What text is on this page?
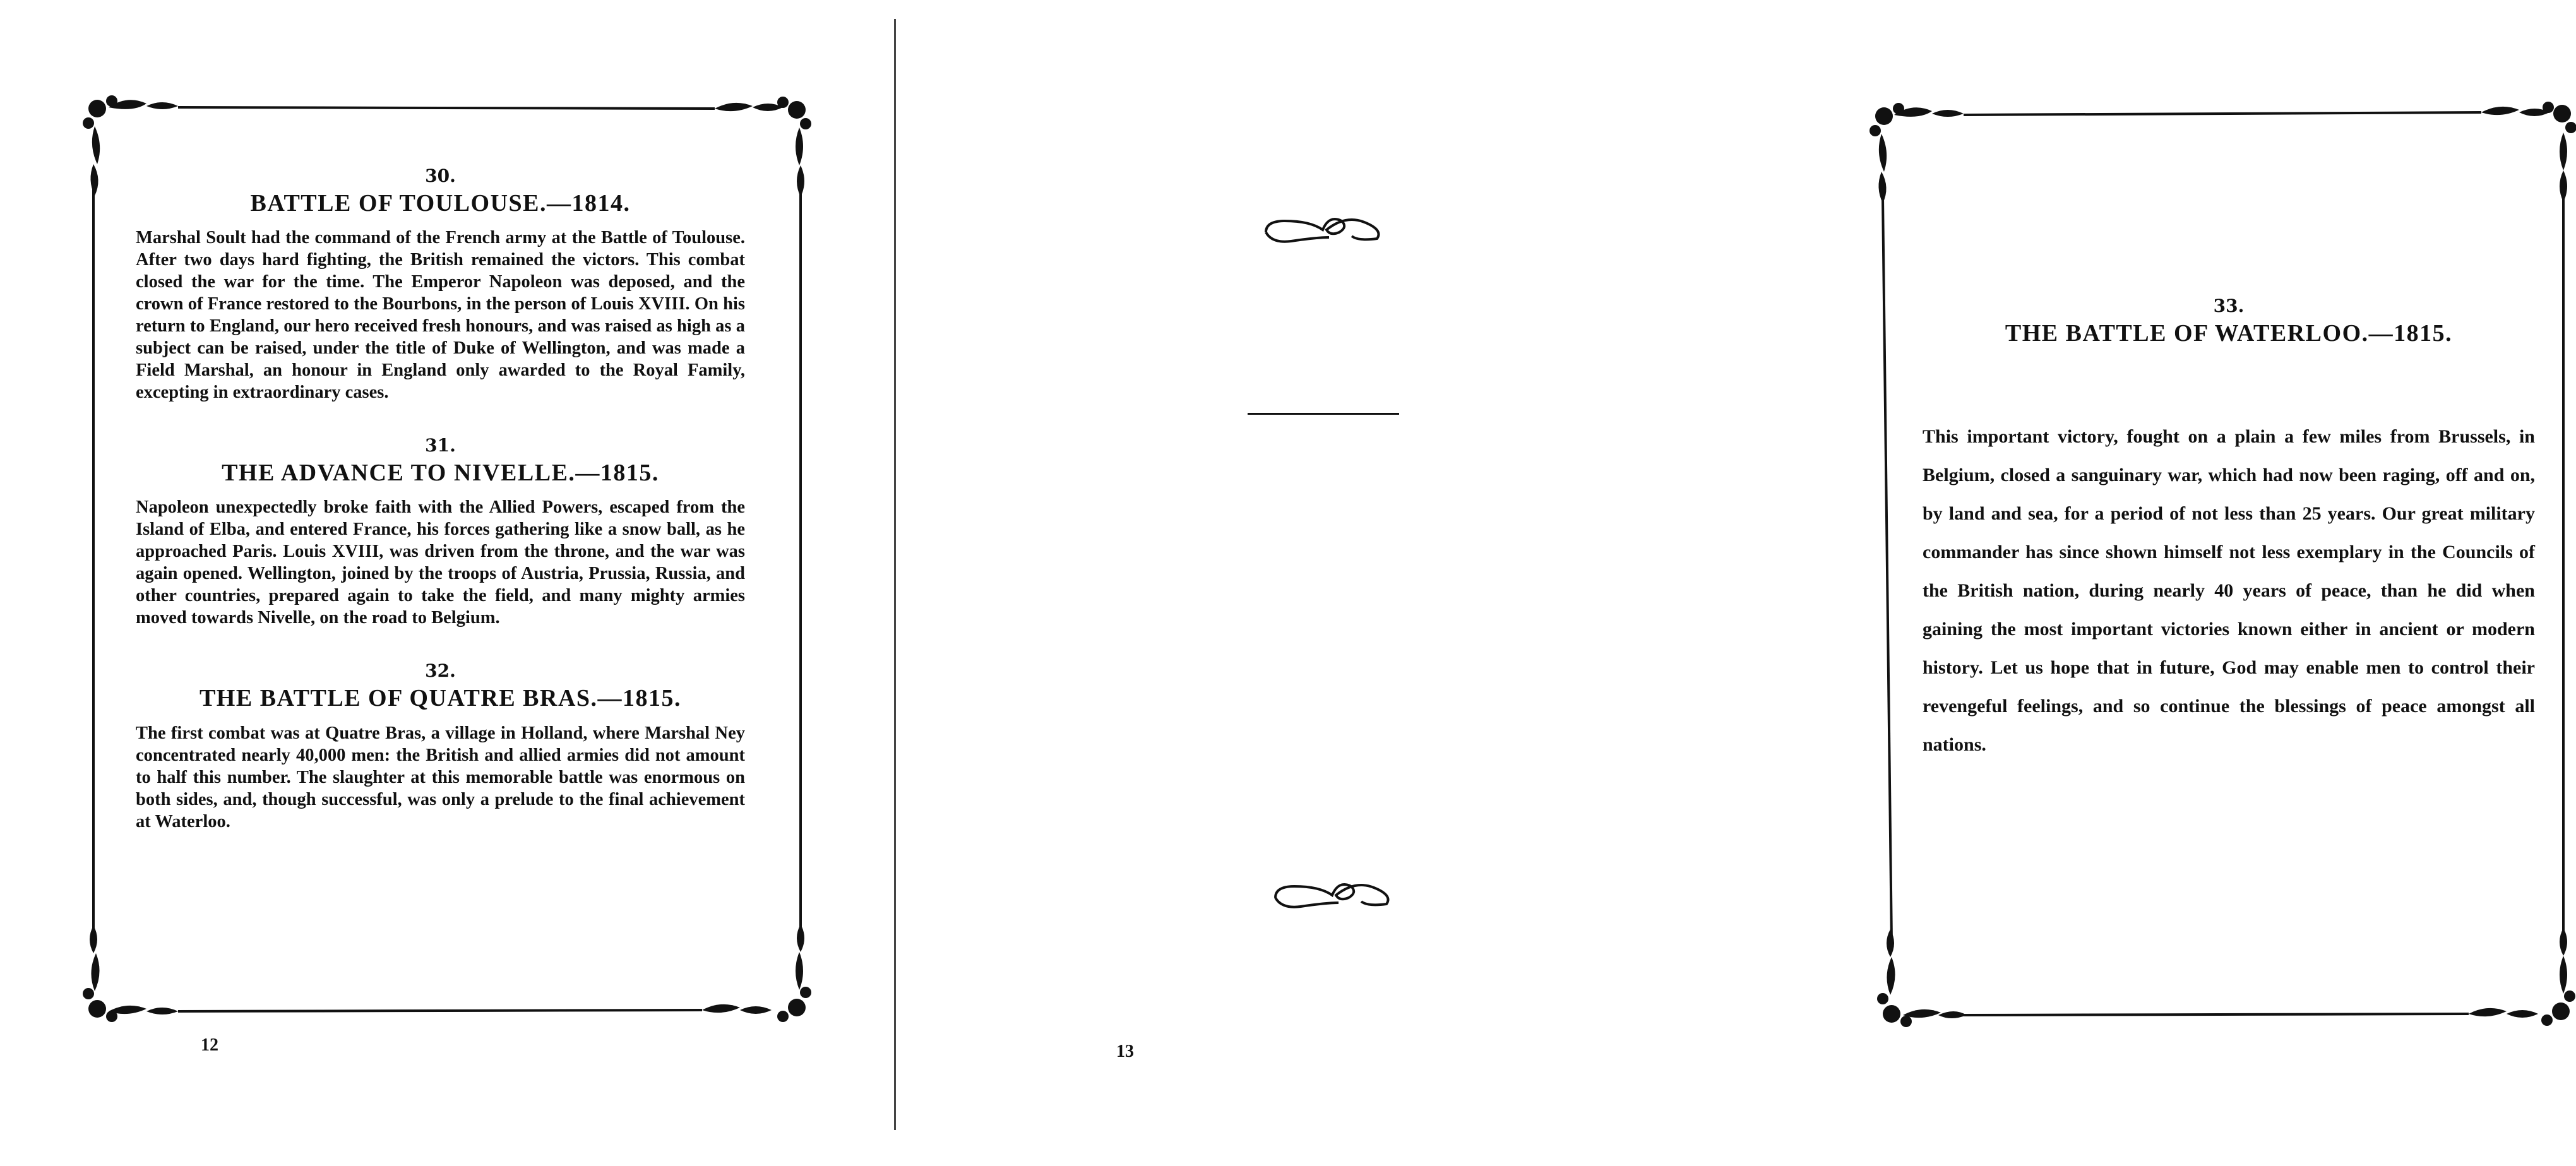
30.

BATTLE OF TOULOUSE.—1814.

Marshal Soult had the command of the French army at the Battle of Toulouse. After two days hard fighting, the British remained the victors. This combat closed the war for the time. The Emperor Napoleon was deposed, and the crown of France restored to the Bourbons, in the person of Louis XVIII. On his return to England, our hero received fresh honours, and was raised as high as a subject can be raised, under the title of Duke of Wellington, and was made a Field Marshal, an honour in England only awarded to the Royal Family, excepting in extraordinary cases.

31.

THE ADVANCE TO NIVELLE.—1815.

Napoleon unexpectedly broke faith with the Allied Powers, escaped from the Island of Elba, and entered France, his forces gathering like a snow ball, as he approached Paris. Louis XVIII, was driven from the throne, and the war was again opened. Wellington, joined by the troops of Austria, Prussia, Russia, and other countries, prepared again to take the field, and many mighty armies moved towards Nivelle, on the road to Belgium.

32.

THE BATTLE OF QUATRE BRAS.—1815.

The first combat was at Quatre Bras, a village in Holland, where Marshal Ney concentrated nearly 40,000 men: the British and allied armies did not amount to half this number. The slaughter at this memorable battle was enormous on both sides, and, though successful, was only a prelude to the final achievement at Waterloo.

12

33.

THE BATTLE OF WATERLOO.—1815.

This important victory, fought on a plain a few miles from Brussels, in Belgium, closed a sanguinary war, which had now been raging, off and on, by land and sea, for a period of not less than 25 years. Our great military commander has since shown himself not less exemplary in the Councils of the British nation, during nearly 40 years of peace, than he did when gaining the most important victories known either in ancient or modern history. Let us hope that in future, God may enable men to control their revengeful feelings, and so continue the blessings of peace amongst all nations.

13
